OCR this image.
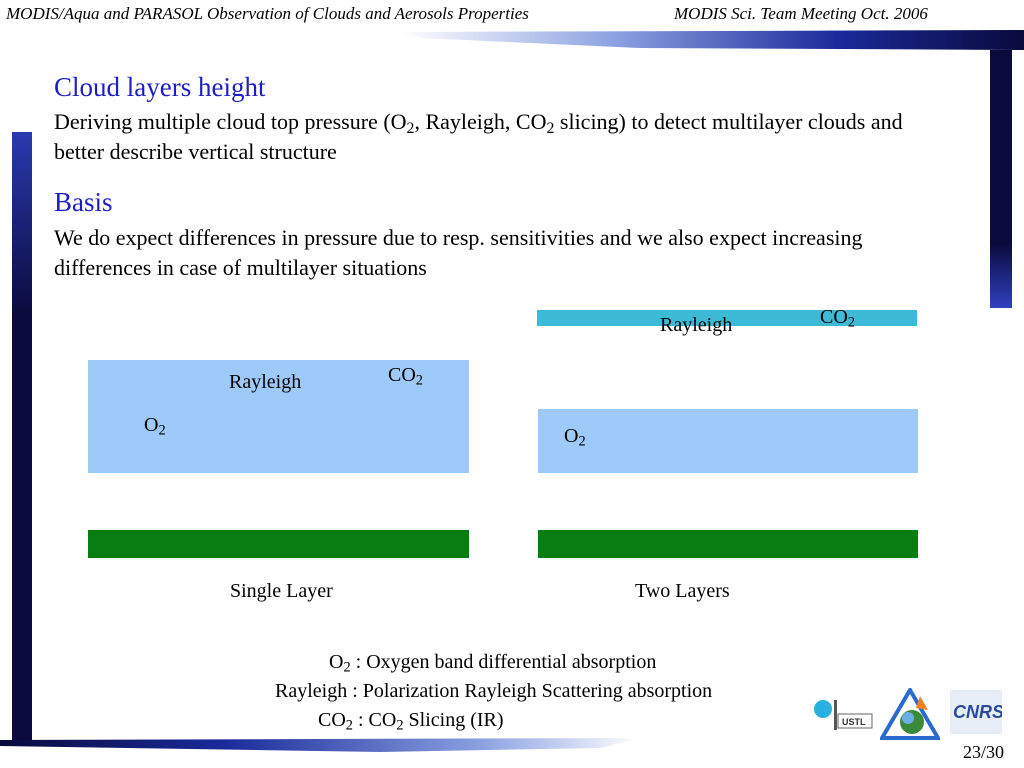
MODIS/Aqua and PARASOL Observation of Clouds and Aerosols Properties	MODIS Sci. Team Meeting Oct. 2006
Cloud layers height
Deriving multiple cloud top pressure ($O_2$, Rayleigh, $CO_2$ slicing) to detect multilayer clouds and better describe vertical structure
Basis
We do expect differences in pressure due to resp. sensitivities and we also expect increasing differences in case of multilayer situations
Rayleigh	$CO_2$
$O_2$
Single Layer
Rayleigh	$CO_2$
$O_2$
Two Layers
$O_2$ : Oxygen band differential absorption
Rayleigh : Polarization Rayleigh Scattering absorption
$CO_2$ : $CO_2$ Slicing (IR)	USTL	CNRS
23/30
